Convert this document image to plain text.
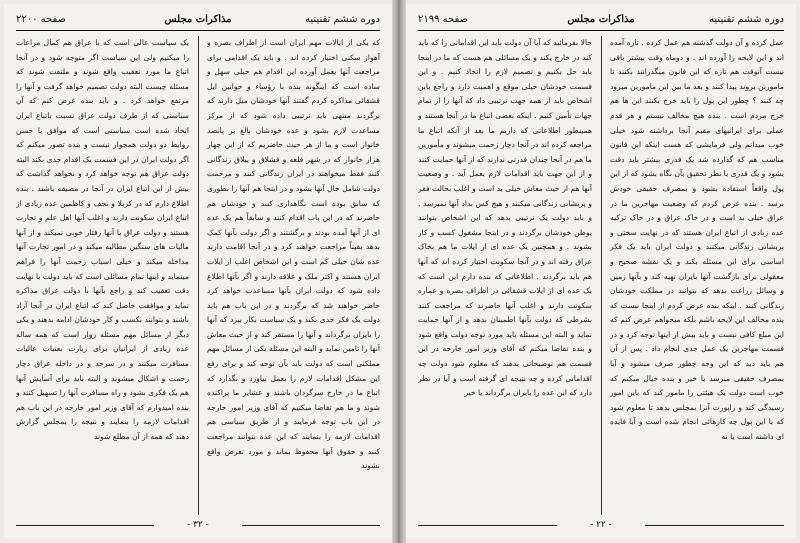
دوره ششم تقنینیه
مذاکرات مجلس
صفحه ۲۲۰۰
که یکی از ایالات مهم ایران است از اطراف بصره و آهواز سکنی اختیار کرده اند . و باید یک اقدامی برای مراجعت آنها بعمل آورده این اقدام هم خیلی سهل و ساده است که اینگونه بنده با رؤساء و خوانین ایل قشقائی مذاکره کردم گفتند آنها خودشان میل دارند که برگردند منتهی باید ترتیبی داده شود که از مرکز مساعدت لازم بشود و عده خودشان بالغ بر پانصد خانوار است و ما از هر حیث حاضریم که از این چهار هزار خانوار که در شهر قلعه و قشلاق و ییلاق زندگانی کنند فقط میخواهند در ایران زندگانی کنند و مرحمت دولت شامل حال آنها بشود و در اینجا هم آنها را بطوری که سابق بوده است نگاهداری کنند و خودشان هم حاضرند که در این باب اقدام کنند و سابقاً هم یک عده ای از آنها آمده بودند و برگشتند و اگر دولت بآنها کمک بدهد یقیناً مراجعت خواهند کرد و در آنجا اقامت دارند عده شان خیلی کم است و این اشخاص اغلب از ایلات ایران هستند و اکثر ملک و علاقه دارند و اگر بآنها اطلاع داده شود که دولت ایران بآنها مساعدت خواهد کرد حاضر خواهند شد که برگردند و در این باب هم باید دولت یک فکر جدی بکند و یک سیاست بکار ببرد که آنها را بایران برگرداند و آنها را مستقر کند و از حیث معاش آنها را تامین نماید و البته این مسئله یکی از مسائل مهم مملکتی است که دولت باید بآن توجه کند و برای رفع این مشکل اقدامات لازم را بعمل بیاورد و نگذارد که اتباع ما در خارج سرگردان باشند و عشایر ما پراکنده شوند و ما هم تقاضا میکنیم که آقای وزیر امور خارجه در این باب توجه فرمایند و از طریق سیاسی هم اقدامات لازمه را بنمایند که این عده بتوانند مراجعت کنند و حقوق آنها محفوظ بماند و مورد تعرض واقع نشوند
یک سیاست عالی است که با عراق هم کمال مراعات را میکنیم ولی این سیاست اگر متوجه شود و در آنجا اتباع ما مورد تعقیب واقع شوند و ملتفت شوند که مسئله چیست البته دولت تصمیم خواهد گرفت و آنها را مرتفع خواهد کرد . و باید بنده عرض کنم که آن سیاستی که از طرف دولت عراق نسبت باتباع ایران اتخاذ شده است سیاستی است که موافق با حسن روابط دو دولت همجوار نیست و بنده تصور میکنم که اگر دولت ایران در این قسمت یک اقدام جدی بکند البته دولت عراق هم توجه خواهد کرد و نخواهد گذاشت که بیش از این اتباع ایران در آنجا در مضیقه باشند . بنده اطلاع دارم که در کربلا و نجف و کاظمین عده زیادی از اتباع ایران سکونت دارند و اغلب آنها اهل علم و تجارت هستند و دولت عراق با آنها رفتار خوبی نمیکند و از آنها مالیات های سنگین مطالبه میکند و در امور تجارت آنها مداخله میکند و خیلی اسباب زحمت آنها را فراهم مینماید و اینها تمام مسائلی است که باید دولت با نهایت دقت تعقیب کند و راجع بآنها با دولت عراق مذاکره نماید و موافقت حاصل کند که اتباع ایران در آنجا آزاد باشند و بتوانند بکسب و کار خودشان ادامه بدهند و یکی دیگر از مسائل مهم مسئله زوار است که همه ساله عده زیادی از ایرانیان برای زیارت بعتبات عالیات مسافرت میکنند و در سرحد و در داخله عراق دچار زحمت و اشکال میشوند و البته باید برای آسایش آنها هم یک فکری بشود و راه مسافرت آنها را تسهیل کنند و بنده امیدوارم که آقای وزیر امور خارجه در این باب هم اقدامات لازمه را بنمایند و نتیجه را بمجلس گزارش دهند که همه از آن مطلع شوند
- ۳۲ -
دوره ششم تقنینیه
مذاکرات مجلس
صفحه ۲۱۹۹
عمل کرده و آن دولت گذشته هم عمل کرده . تازه آمده اند و این لایحه را آورده اند . و دوماه وقت بیشتر باقی نیست آنوقت هم تازه که این قانون میگذرانند بکنند تا مامورین بروند پیدا کنند و بعد ما بین این مامورین میرود چه کنند ؟ چطور این پول را باید خرج بکنند این ها هم خرج مردم است . بنده هیچ مخالف نیستم و هر قدم عملی برای ایرانیهای مقیم آنجا برداشته شود خیلی خوب میدانم ولی فرمایشی که هست اینکه این قانون مناسب هم که گذارده شد یک قدری بیشتر باید دقت بشود و یک قدری با نظر تحقیق بآن نگاه بشود که از این پول واقعاً استفاده بشود و بمصرف حقیقی خودش برسد . بنده عرض کردم که وضعیت مهاجرین ما در عراق خیلی بد است و در خاک عراق و در خاک ترکیه عده زیادی از اتباع ایران هستند که در نهایت سختی و پریشانی زندگانی میکنند و دولت ایران باید یک فکر اساسی برای این مسئله بکند و یک نقشه صحیح و معقولی برای بازگشت آنها بایران تهیه کند و بآنها زمین و وسائل زراعت بدهد که بتوانند در مملکت خودشان زندگانی کنند . اینکه بنده عرض کردم از اینجا نیست که بنده مخالف این لایحه باشم بلکه میخواهم عرض کنم که این مبلغ کافی نیست و باید بیش از اینها توجه کرد و در قسمت مهاجرین یک عمل جدی انجام داد . پس از آن هم باید دید که این وجه چطور صرف میشود و آیا بمصرف حقیقی میرسد یا خیر و بنده خیال میکنم که خوب است دولت یک هیئتی را مامور کند که باین امور رسیدگی کند و راپورت آنرا بمجلس بدهد تا معلوم شود که با این پول چه کارهائی انجام شده است و آیا فایده ای داشته است یا نه
حالا بفرمائید که آیا آن دولت باید این اقداماتی را که باید کند در خارج یکند و یک مسائلی هم هست که ما در اینجا باید حل بکنیم و تصمیم لازم را اتخاذ کنیم . و این قسمت خودشان خیلی موقع و اهمیت دارد و راجع باین اشخاص باید از همه جهت ترتیبی داد که آنها را از تمام جهات تأمین کنیم . اینکه بعضی اتباع ما در آنجا هستند و همینطور اطلاعاتی که داریم ما بعد از آنکه اتباع ما مراجعه کرده اند در آنجا دچار زحمت میشوند و مأمورین ما هم در آنجا چندان قدرتی ندارند که از آنها حمایت کنند و از این جهت باید اقدامات لازم بعمل آید . و وضعیت آنها هم از حیث معاش خیلی بد است و اغلب بحالت فقر و پریشانی زندگانی میکنند و هیچ کس بداد آنها نمیرسد . و باید دولت یک ترتیبی بدهد که این اشخاص بتوانند بوطن خودشان برگردند و در اینجا مشغول کسب و کار بشوند . و همچنین یک عده ای از ایلات ما هم بخاک عراق رفته اند و در آنجا سکونت اختیار کرده اند که آنها هم باید برگردند . اطلاعاتی که بنده دارم این است که یک عده ای از ایلات قشقائی در اطراف بصره و عماره سکونت دارند و اغلب آنها حاضرند که مراجعت کنند بشرطی که دولت بآنها اطمینان بدهد و از آنها حمایت نماید و البته این مسئله باید مورد توجه دولت واقع شود و بنده تقاضا میکنم که آقای وزیر امور خارجه در این قسمت هم توضیحاتی بدهند که معلوم شود دولت چه اقداماتی کرده و چه نتیجه ای گرفته است و آیا در نظر دارد که این عده را بایران برگرداند یا خیر
- ۲۲ -
